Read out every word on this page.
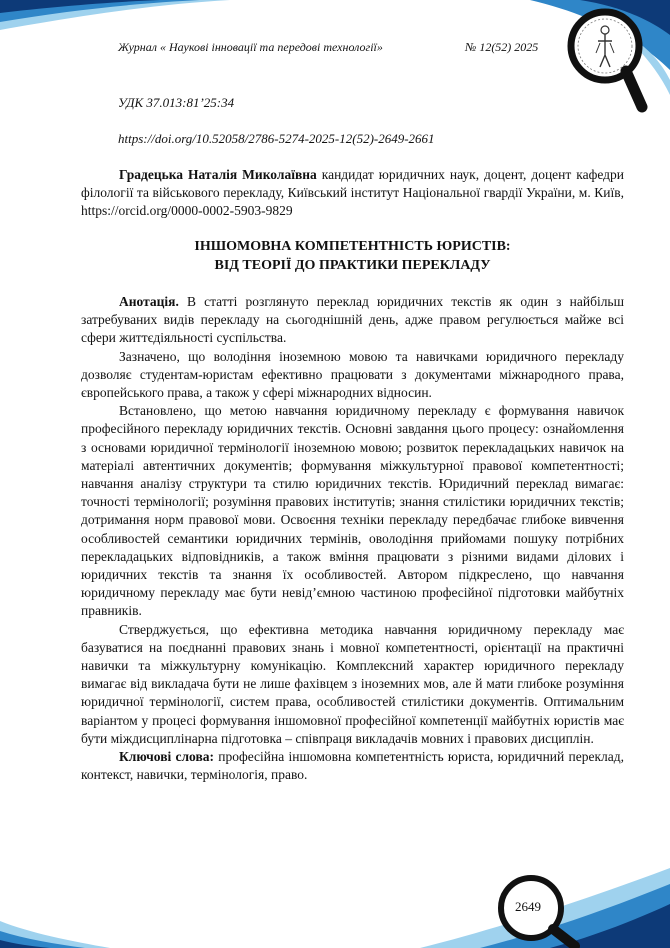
Журнал « Наукові інновації та передові технології»	№ 12(52) 2025
УДК 37.013:81’25:34
https://doi.org/10.52058/2786-5274-2025-12(52)-2649-2661
Градецька Наталія Миколаївна кандидат юридичних наук, доцент, доцент кафедри філології та військового перекладу, Київський інститут Національної гвардії України, м. Київ, https://orcid.org/0000-0002-5903-9829
ІНШОМОВНА КОМПЕТЕНТНІСТЬ ЮРИСТІВ:
ВІД ТЕОРІЇ ДО ПРАКТИКИ ПЕРЕКЛАДУ

Анотація. В статті розглянуто переклад юридичних текстів як один з найбільш затребуваних видів перекладу на сьогоднішній день, адже правом регулюється майже всі сфери життєдіяльності суспільства.

Зазначено, що володіння іноземною мовою та навичками юридичного перекладу дозволяє студентам-юристам ефективно працювати з документами міжнародного права, європейського права, а також у сфері міжнародних відносин.

Встановлено, що метою навчання юридичному перекладу є формування навичок професійного перекладу юридичних текстів. Основні завдання цього процесу: ознайомлення з основами юридичної термінології іноземною мовою; розвиток перекладацьких навичок на матеріалі автентичних документів; формування міжкультурної правової компетентності; навчання аналізу структури та стилю юридичних текстів. Юридичний переклад вимагає: точності термінології; розуміння правових інститутів; знання стилістики юридичних текстів; дотримання норм правової мови. Освоєння техніки перекладу передбачає глибоке вивчення особливостей семантики юридичних термінів, оволодіння прийомами пошуку потрібних перекладацьких відповідників, а також вміння працювати з різними видами ділових і юридичних текстів та знання їх особливостей. Автором підкреслено, що навчання юридичному перекладу має бути невід’ємною частиною професійної підготовки майбутніх правників.

Стверджується, що ефективна методика навчання юридичному перекладу має базуватися на поєднанні правових знань і мовної компетентності, орієнтації на практичні навички та міжкультурну комунікацію. Комплексний характер юридичного перекладу вимагає від викладача бути не лише фахівцем з іноземних мов, але й мати глибоке розуміння юридичної термінології, систем права, особливостей стилістики документів. Оптимальним варіантом у процесі формування іншомовної професійної компетенції майбутніх юристів має бути міждисциплінарна підготовка – співпраця викладачів мовних і правових дисциплін.

Ключові слова: професійна іншомовна компетентність юриста, юридичний переклад, контекст, навички, термінологія, право.

2649
